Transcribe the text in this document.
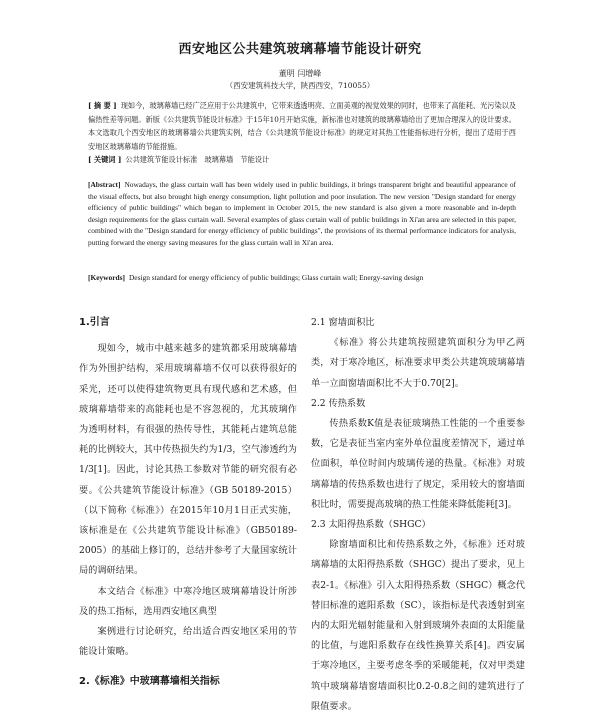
西安地区公共建筑玻璃幕墙节能设计研究
董明 闫增峰
（西安建筑科技大学，陕西西安，710055）
[ 摘 要 ] 现如今，玻璃幕墙已经广泛应用于公共建筑中，它带来透透明亮、立面美观的视觉效果的同时，也带来了高能耗、光污染以及偏热性差等问题。新版《公共建筑节能设计标准》于15年10月开始实施，新标准也对建筑的玻璃幕墙给出了更加合理深入的设计要求。本文选取几个西安地区的玻璃幕墙公共建筑实例，结合《公共建筑节能设计标准》的规定对其热工性能指标进行分析，提出了适用于西安地区玻璃幕墙的节能措施。
[ 关键词 ] 公共建筑节能设计标准　玻璃幕墙　节能设计
[Abstract] Nowadays, the glass curtain wall has been widely used in public buildings, it brings transparent bright and beautiful appearance of the visual effects, but also brought high energy consumption, light pollution and poor insulation. The new version "Design standard for energy efficiency of public buildings" which began to implement in October 2015, the new standard is also given a more reasonable and in-depth design requirements for the glass curtain wall. Several examples of glass curtain wall of public buildings in Xi'an area are selected in this paper, combined with the "Design standard for energy efficiency of public buildings", the provisions of its thermal performance indicators for analysis, putting forward the energy saving measures for the glass curtain wall in Xi'an area.
[Keywords] Design standard for energy efficiency of public buildings; Glass curtain wall; Energy-saving design
1.引言

现如今，城市中越来越多的建筑都采用玻璃幕墙作为外围护结构，采用玻璃幕墙不仅可以获得很好的采光，还可以使得建筑物更具有现代感和艺术感，但玻璃幕墙带来的高能耗也是不容忽视的，尤其玻璃作为透明材料，有很强的热传导性，其能耗占建筑总能耗的比例较大，其中传热损失约为1/3，空气渗透约为1/3[1]。因此，讨论其热工参数对节能的研究很有必要。《公共建筑节能设计标准》（GB 50189-2015）（以下简称《标准》）在2015年10月1日正式实施，该标准是在《公共建筑节能设计标准》（GB50189-2005）的基础上修订的，总结并参考了大量国家统计局的调研结果。

本文结合《标准》中寒冷地区玻璃幕墙设计所涉及的热工指标，选用西安地区典型

案例进行讨论研究，给出适合西安地区采用的节能设计策略。

2.《标准》中玻璃幕墙相关指标
2.1 窗墙面积比

《标准》将公共建筑按照建筑面积分为甲乙两类，对于寒冷地区，标准要求甲类公共建筑玻璃幕墙单一立面窗墙面积比不大于0.70[2]。

2.2 传热系数

传热系数K值是表征玻璃热工性能的一个重要参数，它是表征当室内室外单位温度差情况下，通过单位面积，单位时间内玻璃传递的热量。《标准》对玻璃幕墙的传热系数也进行了规定，采用较大的窗墙面积比时，需要提高玻璃的热工性能来降低能耗[3]。

2.3 太阳得热系数（SHGC）

除窗墙面积比和传热系数之外，《标准》还对玻璃幕墙的太阳得热系数（SHGC）提出了要求，见上表2-1。《标准》引入太阳得热系数（SHGC）概念代替旧标准的遮阳系数（SC），该指标是代表透射到室内的太阳光辐射能量和入射到玻璃外表面的太阳能量的比值，与遮阳系数存在线性换算关系[4]。西安属于寒冷地区，主要考虑冬季的采暖能耗，仅对甲类建筑中玻璃幕墙窗墙面积比0.2-0.8之间的建筑进行了限值要求。
